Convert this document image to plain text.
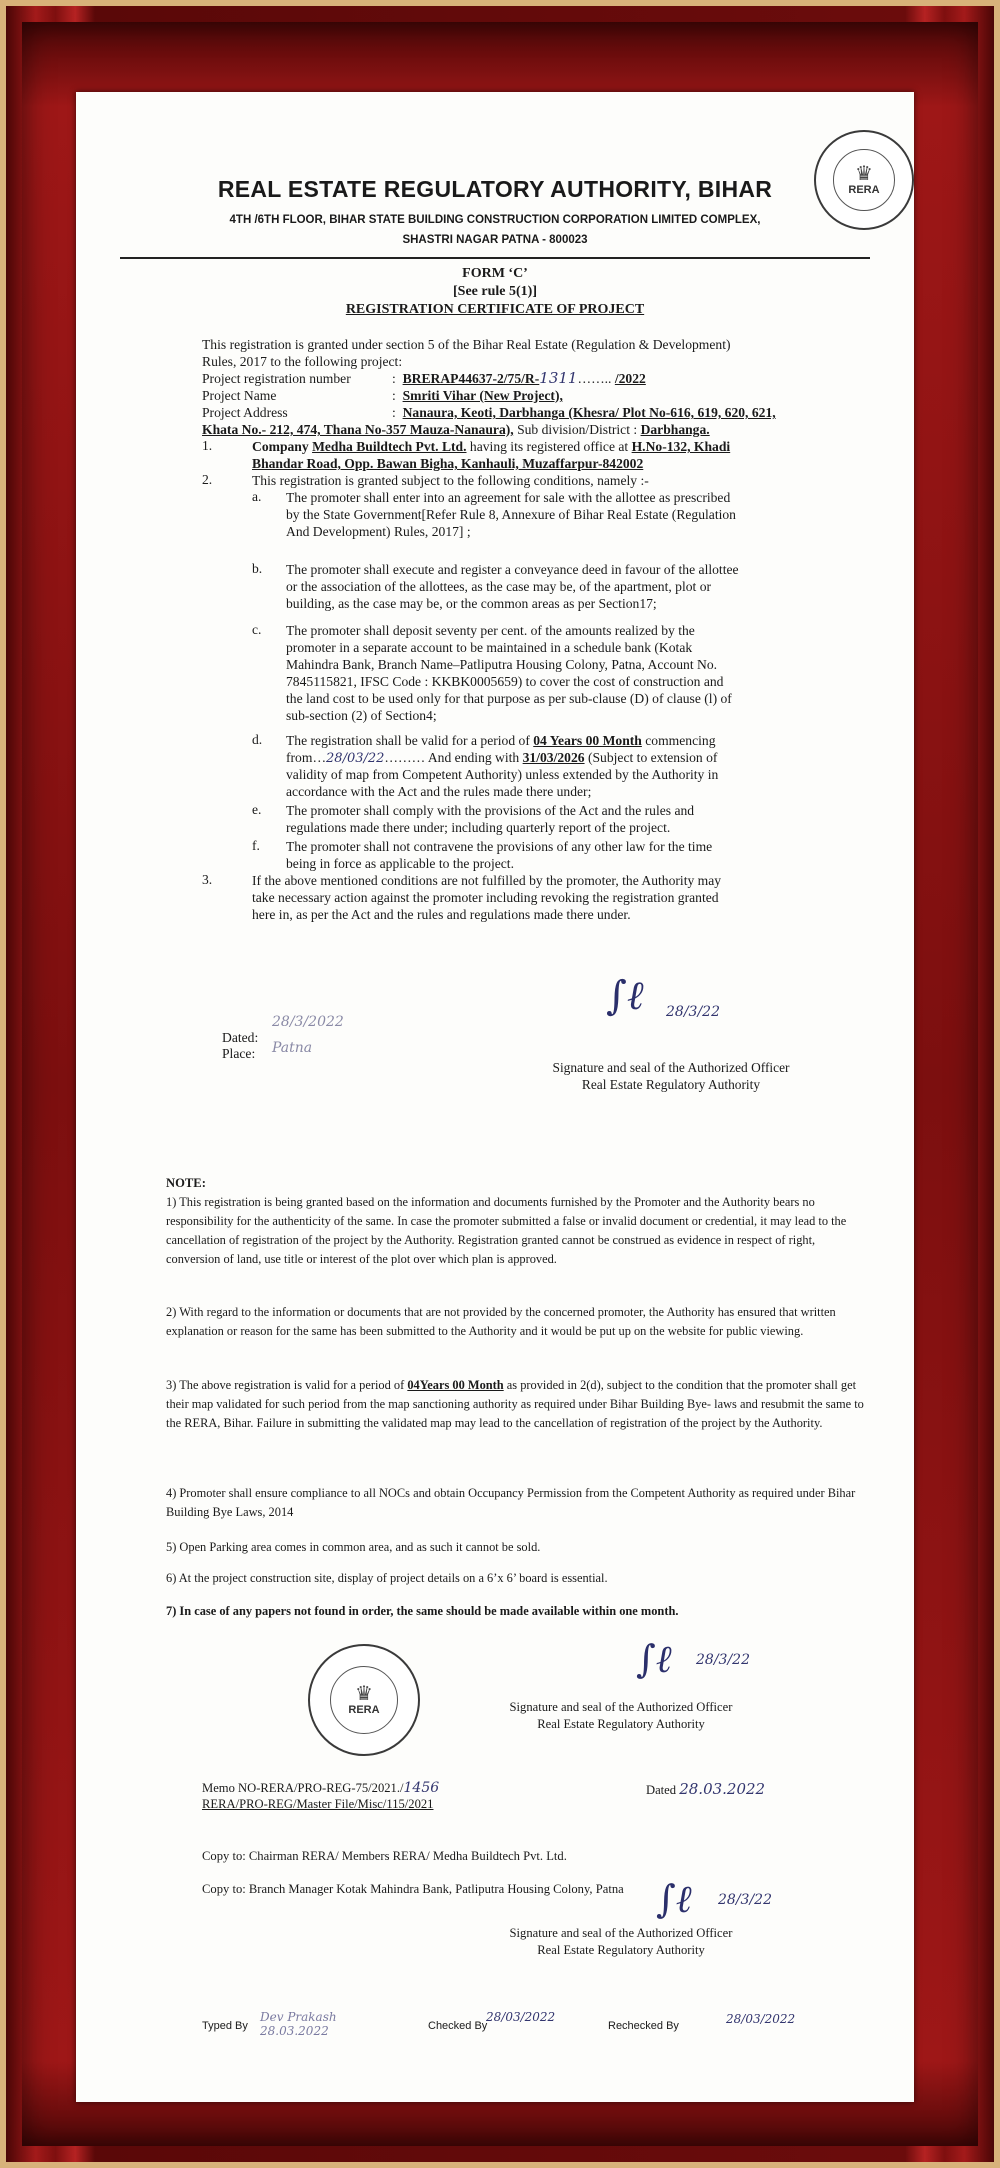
REAL ESTATE REGULATORY AUTHORITY, BIHAR
4TH /6TH FLOOR, BIHAR STATE BUILDING CONSTRUCTION CORPORATION LIMITED COMPLEX,
SHASTRI NAGAR PATNA - 800023
♛
RERA
FORM ‘C’
[See rule 5(1)]
REGISTRATION CERTIFICATE OF PROJECT
This registration is granted under section 5 of the Bihar Real Estate (Regulation & Development)
Rules, 2017 to the following project:
Project registration number	:  BRERAP44637-2/75/R-1311…….. /2022
Project Name	:  Smriti Vihar (New Project),
Project Address	:  Nanaura, Keoti, Darbhanga (Khesra/ Plot No-616, 619, 620, 621,
Khata No.- 212, 474, Thana No-357 Mauza-Nanaura), Sub division/District : Darbhanga.
1.	Company Medha Buildtech Pvt. Ltd. having its registered office at H.No-132, Khadi
Bhandar Road, Opp. Bawan Bigha, Kanhauli, Muzaffarpur-842002
2.	This registration is granted subject to the following conditions, namely :-
a. The promoter shall enter into an agreement for sale with the allottee as prescribed
by the State Government[Refer Rule 8, Annexure of Bihar Real Estate (Regulation
And Development) Rules, 2017] ;
b. The promoter shall execute and register a conveyance deed in favour of the allottee
or the association of the allottees, as the case may be, of the apartment, plot or
building, as the case may be, or the common areas as per Section17;
c. The promoter shall deposit seventy per cent. of the amounts realized by the
promoter in a separate account to be maintained in a schedule bank (Kotak
Mahindra Bank, Branch Name–Patliputra Housing Colony, Patna, Account No.
7845115821, IFSC Code : KKBK0005659) to cover the cost of construction and
the land cost to be used only for that purpose as per sub-clause (D) of clause (l) of
sub-section (2) of Section4;
d. The registration shall be valid for a period of 04 Years 00 Month commencing
from…28/03/22……… And ending with 31/03/2026 (Subject to extension of
validity of map from Competent Authority) unless extended by the Authority in
accordance with the Act and the rules made there under;
e. The promoter shall comply with the provisions of the Act and the rules and
regulations made there under; including quarterly report of the project.
f. The promoter shall not contravene the provisions of any other law for the time
being in force as applicable to the project.
3.	If the above mentioned conditions are not fulfilled by the promoter, the Authority may
take necessary action against the promoter including revoking the registration granted
here in, as per the Act and the rules and regulations made there under.
Dated:
28/3/2022
Place: Patna
∫ℓ 28/3/22
Signature and seal of the Authorized Officer
Real Estate Regulatory Authority
NOTE:
1) This registration is being granted based on the information and documents furnished by the Promoter and the Authority bears no responsibility for the authenticity of the same. In case the promoter submitted a false or invalid document or credential, it may lead to the cancellation of registration of the project by the Authority. Registration granted cannot be construed as evidence in respect of right, conversion of land, use title or interest of the plot over which plan is approved.
2) With regard to the information or documents that are not provided by the concerned promoter, the Authority has ensured that written explanation or reason for the same has been submitted to the Authority and it would be put up on the website for public viewing.
3) The above registration is valid for a period of 04Years 00 Month as provided in 2(d), subject to the condition that the promoter shall get their map validated for such period from the map sanctioning authority as required under Bihar Building Bye- laws and resubmit the same to the RERA, Bihar. Failure in submitting the validated map may lead to the cancellation of registration of the project by the Authority.
4) Promoter shall ensure compliance to all NOCs and obtain Occupancy Permission from the Competent Authority as required under Bihar Building Bye Laws, 2014
5) Open Parking area comes in common area, and as such it cannot be sold.
6) At the project construction site, display of project details on a 6’x 6’ board is essential.
7) In case of any papers not found in order, the same should be made available within one month.
♛
RERA
∫ℓ 28/3/22
Signature and seal of the Authorized Officer
Real Estate Regulatory Authority
Memo NO-RERA/PRO-REG-75/2021./1456
RERA/PRO-REG/Master File/Misc/115/2021
Dated 28.03.2022
Copy to: Chairman RERA/ Members RERA/ Medha Buildtech Pvt. Ltd.
Copy to: Branch Manager Kotak Mahindra Bank, Patliputra Housing Colony, Patna ∫ℓ 28/3/22
Signature and seal of the Authorized Officer
Real Estate Regulatory Authority
Typed By
Dev Prakash 28.03.2022	Checked By
28/03/2022
Rechecked By	28/03/2022
